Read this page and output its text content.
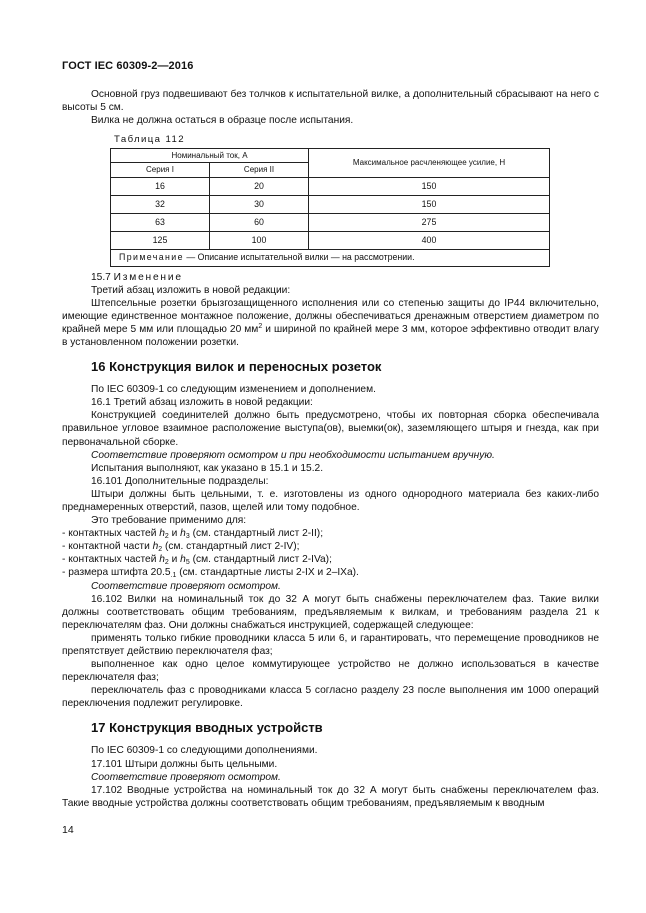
ГОСТ IEC 60309-2—2016

Основной груз подвешивают без толчков к испытательной вилке, а дополнительный сбрасывают на него с высоты 5 см.

Вилка не должна остаться в образце после испытания.

Таблица 112
Номинальный ток, А		Максимальное расчленяющее усилие, Н
Серия I	Серия II	
16	20	150
32	30	150
63	60	275
125	100	400
Примечание — Описание испытательной вилки — на рассмотрении.		

15.7 Изменение

Третий абзац изложить в новой редакции:

Штепсельные розетки брызгозащищенного исполнения или со степенью защиты до IP44 включительно, имеющие единственное монтажное положение, должны обеспечиваться дренажным отверстием диаметром по крайней мере 5 мм или площадью 20 $мм^2$ и шириной по крайней мере 3 мм, которое эффективно отводит влагу в установленном положении розетки.

16 Конструкция вилок и переносных розеток

По IEC 60309-1 со следующим изменением и дополнением.

16.1 Третий абзац изложить в новой редакции:

Конструкцией соединителей должно быть предусмотрено, чтобы их повторная сборка обеспечивала правильное угловое взаимное расположение выступа(ов), выемки(ок), заземляющего штыря и гнезда, как при первоначальной сборке.

Соответствие проверяют осмотром и при необходимости испытанием вручную.

Испытания выполняют, как указано в 15.1 и 15.2.

16.101 Дополнительные подразделы:

Штыри должны быть цельными, т. е. изготовлены из одного однородного материала без каких-либо преднамеренных отверстий, пазов, щелей или тому подобное.

Это требование применимо для:

- контактных частей $h_2$ и $h_3$ (см. стандартный лист 2-II);

- контактной части $h_2$ (см. стандартный лист 2-IV);

- контактных частей $h_2$ и $h_5$ (см. стандартный лист 2-IVa);

- размера штифта $20.5_{.1}$ (см. стандартные листы 2-IX и 2–IXa).

Соответствие проверяют осмотром.

16.102 Вилки на номинальный ток до 32 А могут быть снабжены переключателем фаз. Такие вилки должны соответствовать общим требованиям, предъявляемым к вилкам, и требованиям раздела 21 к переключателям фаз. Они должны снабжаться инструкцией, содержащей следующее:

применять только гибкие проводники класса 5 или 6, и гарантировать, что перемещение проводников не препятствует действию переключателя фаз;

выполненное как одно целое коммутирующее устройство не должно использоваться в качестве переключателя фаз;

переключатель фаз с проводниками класса 5 согласно разделу 23 после выполнения им 1000 операций переключения подлежит регулировке.

17 Конструкция вводных устройств

По IEC 60309-1 со следующими дополнениями.

17.101 Штыри должны быть цельными.

Соответствие проверяют осмотром.

17.102 Вводные устройства на номинальный ток до 32 А могут быть снабжены переключателем фаз. Такие вводные устройства должны соответствовать общим требованиям, предъявляемым к вводным

14
